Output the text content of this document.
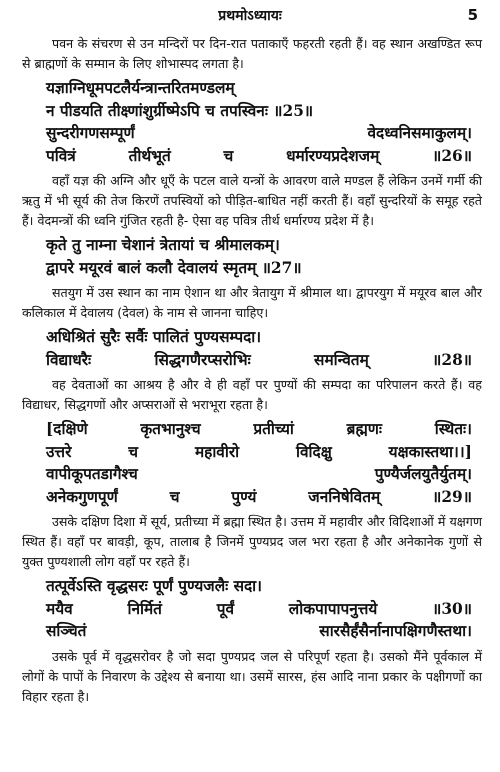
प्रथमोऽध्यायः	5

पवन के संचरण से उन मन्दिरों पर दिन-रात पताकाएँ फहरती रहती हैं। वह स्थान अखण्डित रूप से ब्राह्मणों के सम्मान के लिए शोभास्पद लगता है।

यज्ञाग्निधूमपटलैर्यन्त्रान्तरितमण्डलम्
न पीडयति तीक्ष्णांशुर्ग्रीष्मेऽपि च तपस्विनः ॥25॥
सुन्दरीगणसम्पूर्णं	वेदध्वनिसमाकुलम्।
पवित्रं	तीर्थभूतं	च	धर्मारण्यप्रदेशजम्	॥26॥

वहाँ यज्ञ की अग्नि और धूएँ के पटल वाले यन्त्रों के आवरण वाले मण्डल हैं लेकिन उनमें गर्मी की ऋतु में भी सूर्य की तेज किरणें तपस्वियों को पीड़ित-बाधित नहीं करती हैं। वहाँ सुन्दरियों के समूह रहते हैं। वेदमन्त्रों की ध्वनि गुंजित रहती है- ऐसा वह पवित्र तीर्थ धर्मारण्य प्रदेश में है।

कृते तु नाम्ना चेशानं त्रेतायां च श्रीमालकम्।
द्वापरे मयूरवं बालं कलौ देवालयं स्मृतम् ॥27॥

सतयुग में उस स्थान का नाम ऐशान था और त्रेतायुग में श्रीमाल था। द्वापरयुग में मयूरव बाल और कलिकाल में देवालय (देवल) के नाम से जानना चाहिए।

अधिश्रितं सुरैः सर्वैः पालितं पुण्यसम्पदा।
विद्याधरैः	सिद्धगणैरप्सरोभिः	समन्वितम्	॥28॥

वह देवताओं का आश्रय है और वे ही वहाँ पर पुण्यों की सम्पदा का परिपालन करते हैं। वह विद्याधर, सिद्धगणों और अप्सराओं से भराभूरा रहता है।

[दक्षिणे	कृतभानुश्च	प्रतीच्यां	ब्रह्मणः	स्थितः।
उत्तरे	च	महावीरो	विदिक्षु	यक्षकास्तथा।।]
वापीकूपतडागैश्च	पुण्यैर्जलयुतैर्युतम्।
अनेकगुणपूर्णं	च	पुण्यं	जननिषेवितम्	॥29॥

उसके दक्षिण दिशा में सूर्य, प्रतीच्या में ब्रह्मा स्थित है। उत्तम में महावीर और विदिशाओं में यक्षगण स्थित हैं। वहाँ पर बावड़ी, कूप, तालाब है जिनमें पुण्यप्रद जल भरा रहता है और अनेकानेक गुणों से युक्त पुण्यशाली लोग वहाँ पर रहते हैं।

तत्पूर्वेऽस्ति वृद्धसरः पूर्णं पुण्यजलैः सदा।
मयैव	निर्मितं	पूर्वं	लोकपापापनुत्तये	॥30॥
सञ्चितं	सारसैर्हंसैर्नानापक्षिगणैस्तथा।

उसके पूर्व में वृद्धसरोवर है जो सदा पुण्यप्रद जल से परिपूर्ण रहता है। उसको मैंने पूर्वकाल में लोगों के पापों के निवारण के उद्देश्य से बनाया था। उसमें सारस, हंस आदि नाना प्रकार के पक्षीगणों का विहार रहता है।
